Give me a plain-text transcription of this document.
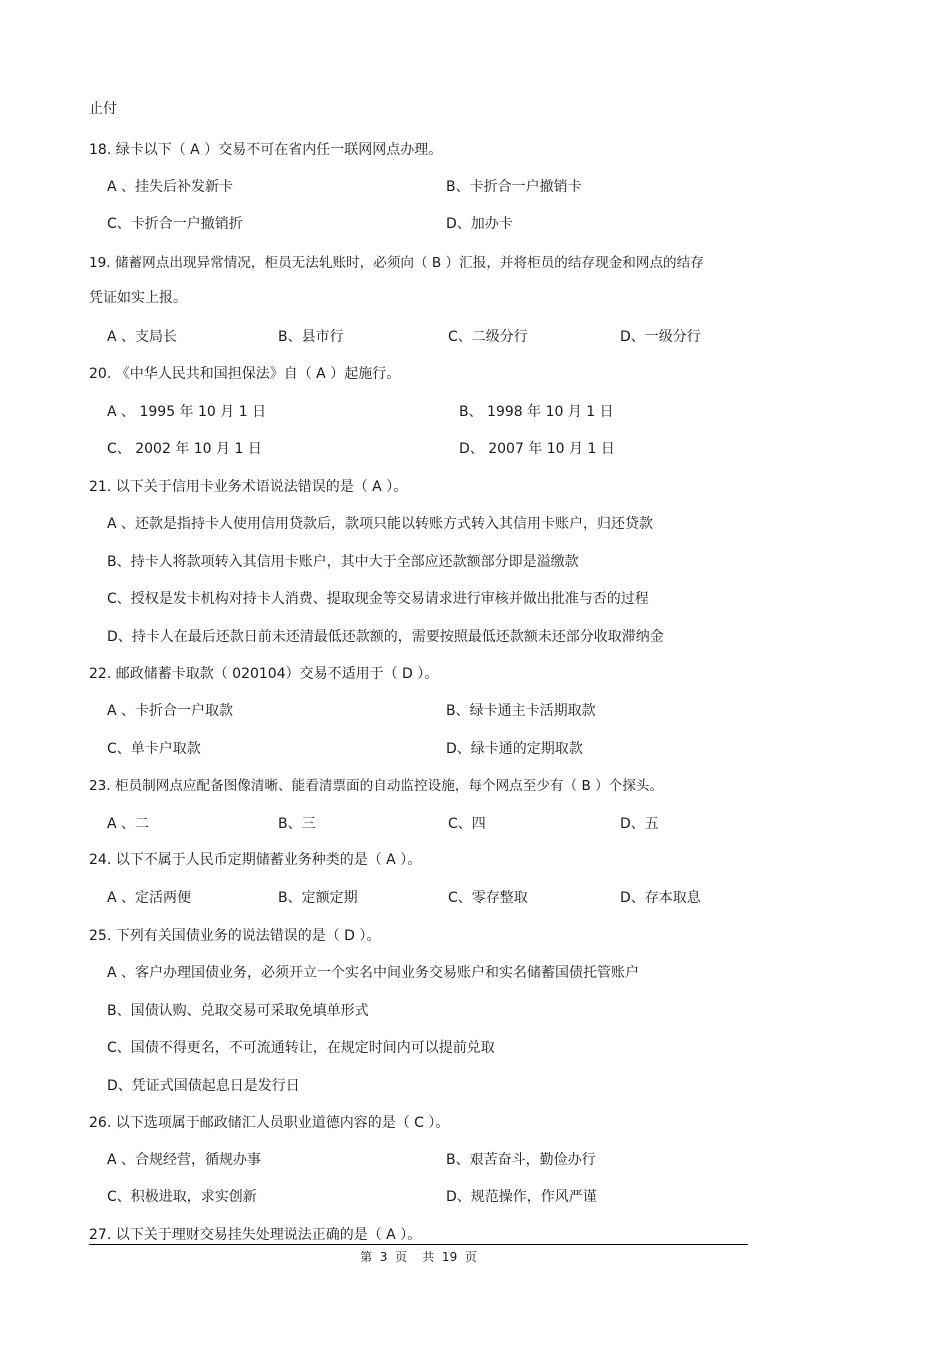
止付
18. 绿卡以下（ A ）交易不可在省内任一联网网点办理。
A 、挂失后补发新卡	B、卡折合一户撤销卡
C、卡折合一户撤销折	D、加办卡
19. 储蓄网点出现异常情况，柜员无法轧账时，必须向（ B ）汇报，并将柜员的结存现金和网点的结存
凭证如实上报。
A 、支局长	B、县市行	C、二级分行	D、一级分行
20. 《中华人民共和国担保法》自（ A ）起施行。
A 、 1995 年 10 月 1 日	B、 1998 年 10 月 1 日
C、 2002 年 10 月 1 日	D、 2007 年 10 月 1 日
21. 以下关于信用卡业务术语说法错误的是（ A ）。
A 、还款是指持卡人使用信用贷款后，款项只能以转账方式转入其信用卡账户，归还贷款
B、持卡人将款项转入其信用卡账户，其中大于全部应还款额部分即是溢缴款
C、授权是发卡机构对持卡人消费、提取现金等交易请求进行审核并做出批准与否的过程
D、持卡人在最后还款日前未还清最低还款额的，需要按照最低还款额未还部分收取滞纳金
22. 邮政储蓄卡取款（ 020104）交易不适用于（ D ）。
A 、卡折合一户取款	B、绿卡通主卡活期取款
C、单卡户取款	D、绿卡通的定期取款
23. 柜员制网点应配备图像清晰、能看清票面的自动监控设施，每个网点至少有（ B ）个探头。
A 、二	B、三	C、四	D、五
24. 以下不属于人民币定期储蓄业务种类的是（ A ）。
A 、定活两便	B、定额定期	C、零存整取	D、存本取息
25. 下列有关国债业务的说法错误的是（ D ）。
A 、客户办理国债业务，必须开立一个实名中间业务交易账户和实名储蓄国债托管账户
B、国债认购、兑取交易可采取免填单形式
C、国债不得更名，不可流通转让，在规定时间内可以提前兑取
D、凭证式国债起息日是发行日
26. 以下选项属于邮政储汇人员职业道德内容的是（ C ）。
A 、合规经营，循规办事	B、艰苦奋斗，勤俭办行
C、积极进取，求实创新	D、规范操作，作风严谨
27. 以下关于理财交易挂失处理说法正确的是（ A ）。
第  3  页    共  19  页
